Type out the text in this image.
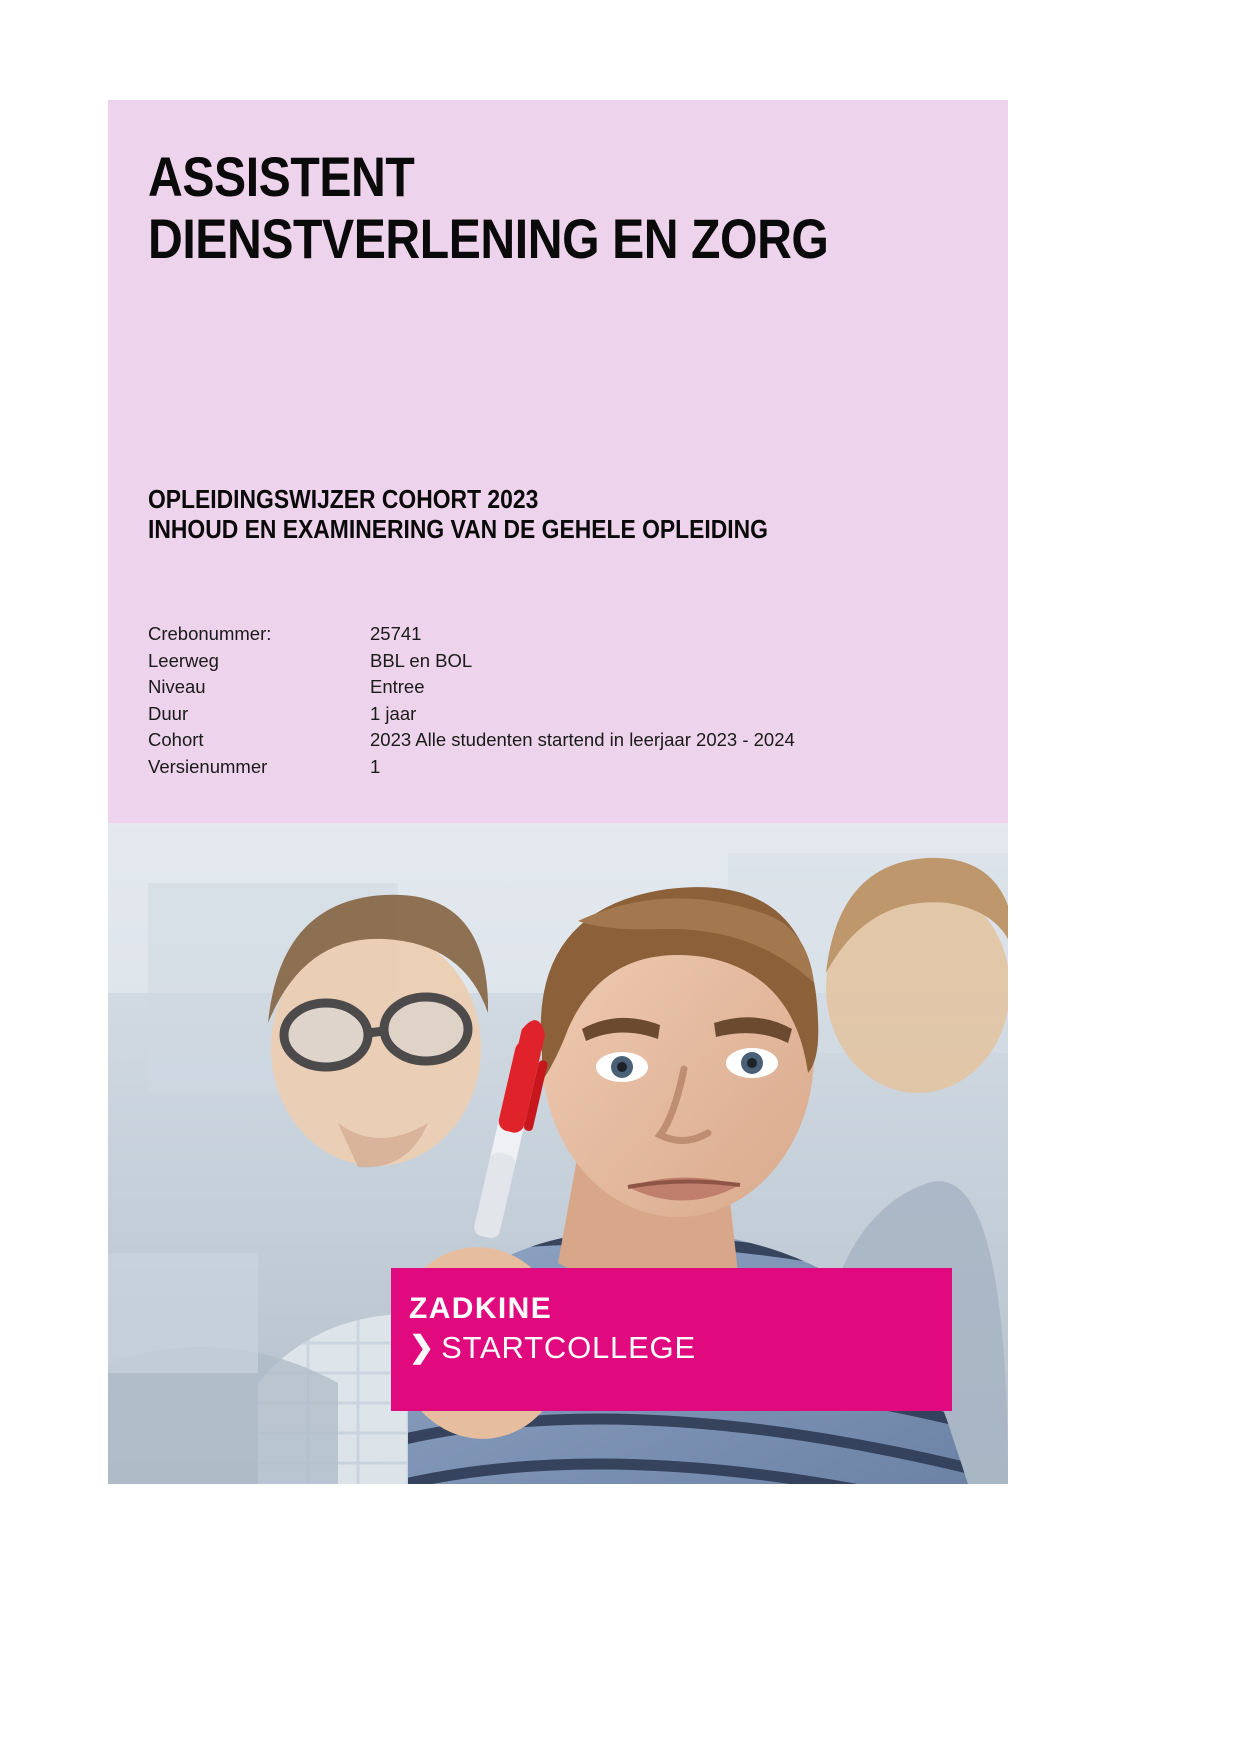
ASSISTENT
DIENSTVERLENING EN ZORG
OPLEIDINGSWIJZER COHORT 2023
INHOUD EN EXAMINERING VAN DE GEHELE OPLEIDING
Crebonummer:	25741
Leerweg	BBL en BOL
Niveau	Entree
Duur	1 jaar
Cohort	2023 Alle studenten startend in leerjaar 2023 - 2024
Versienummer	1
ZADKINE
❯ STARTCOLLEGE
